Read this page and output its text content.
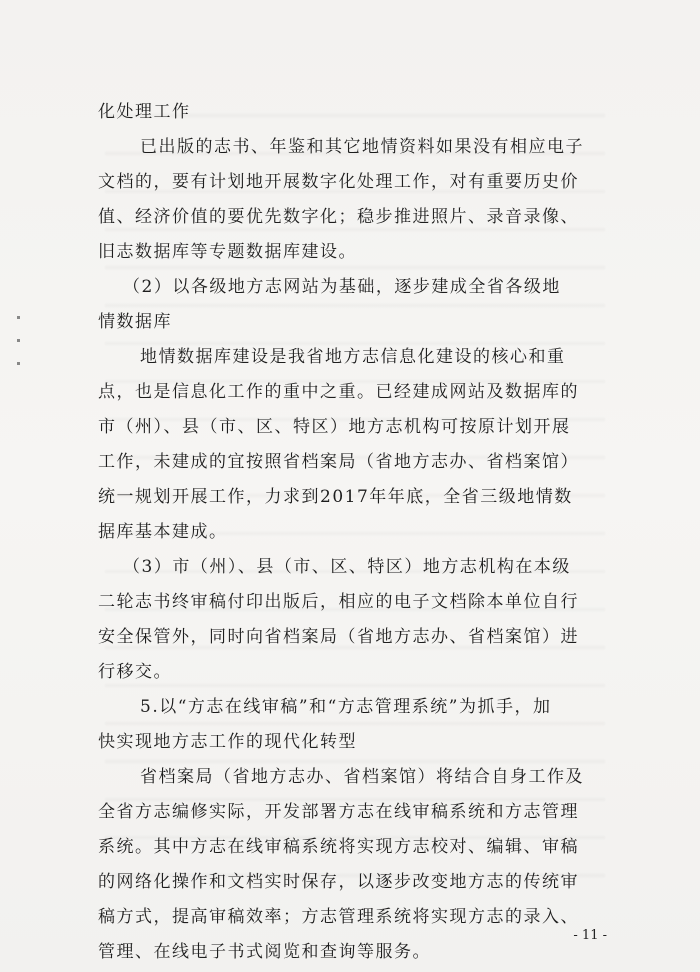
化处理工作
已出版的志书、年鉴和其它地情资料如果没有相应电子
文档的，要有计划地开展数字化处理工作，对有重要历史价
值、经济价值的要优先数字化；稳步推进照片、录音录像、
旧志数据库等专题数据库建设。
（2）以各级地方志网站为基础，逐步建成全省各级地
情数据库
地情数据库建设是我省地方志信息化建设的核心和重
点，也是信息化工作的重中之重。已经建成网站及数据库的
市（州）、县（市、区、特区）地方志机构可按原计划开展
工作，未建成的宜按照省档案局（省地方志办、省档案馆）
统一规划开展工作，力求到2017年年底，全省三级地情数
据库基本建成。
（3）市（州）、县（市、区、特区）地方志机构在本级
二轮志书终审稿付印出版后，相应的电子文档除本单位自行
安全保管外，同时向省档案局（省地方志办、省档案馆）进
行移交。
5.以“方志在线审稿”和“方志管理系统”为抓手，加
快实现地方志工作的现代化转型
省档案局（省地方志办、省档案馆）将结合自身工作及
全省方志编修实际，开发部署方志在线审稿系统和方志管理
系统。其中方志在线审稿系统将实现方志校对、编辑、审稿
的网络化操作和文档实时保存，以逐步改变地方志的传统审
稿方式，提高审稿效率；方志管理系统将实现方志的录入、
管理、在线电子书式阅览和查询等服务。
- 11 -
